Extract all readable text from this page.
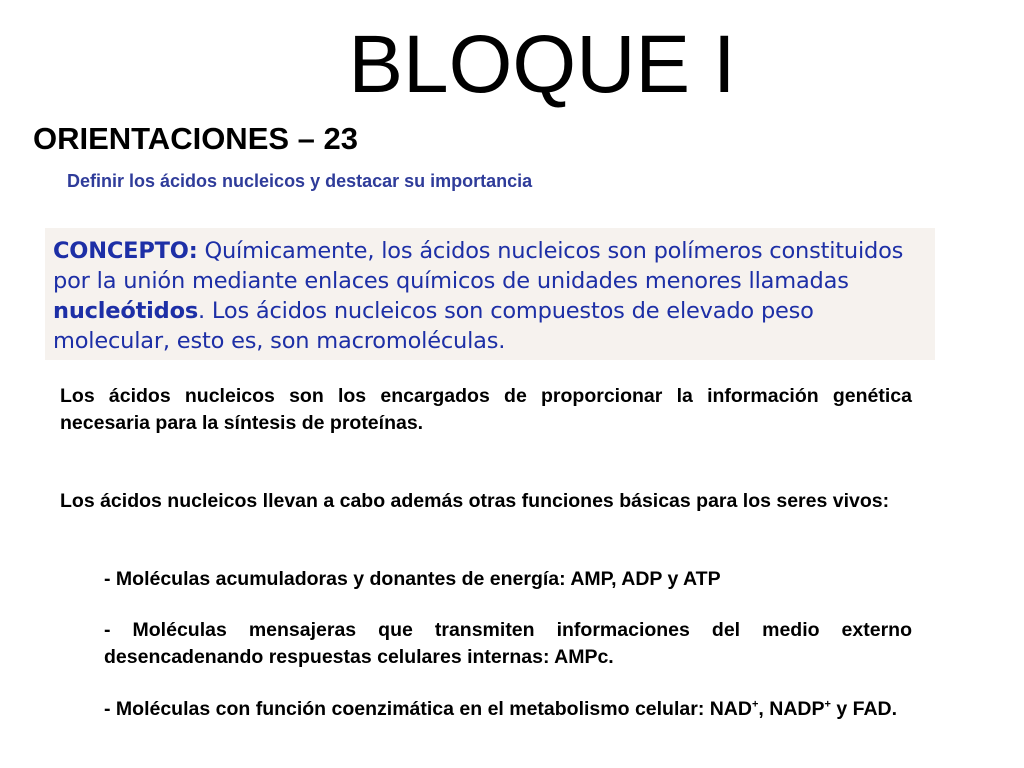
BLOQUE I
ORIENTACIONES – 23
Definir los ácidos nucleicos y destacar su importancia
CONCEPTO: Químicamente, los ácidos nucleicos son polímeros constituidos por la unión mediante enlaces químicos de unidades menores llamadas nucleótidos. Los ácidos nucleicos son compuestos de elevado peso molecular, esto es, son macromoléculas.
Los ácidos nucleicos son los encargados de proporcionar la información genética necesaria para la síntesis de proteínas.
Los ácidos nucleicos llevan a cabo además otras funciones básicas para los seres vivos:
- Moléculas acumuladoras y donantes de energía: AMP, ADP y ATP
- Moléculas mensajeras que transmiten informaciones del medio externo desencadenando respuestas celulares internas: AMPc.
- Moléculas con función coenzimática en el metabolismo celular: NAD+, NADP+ y FAD.
